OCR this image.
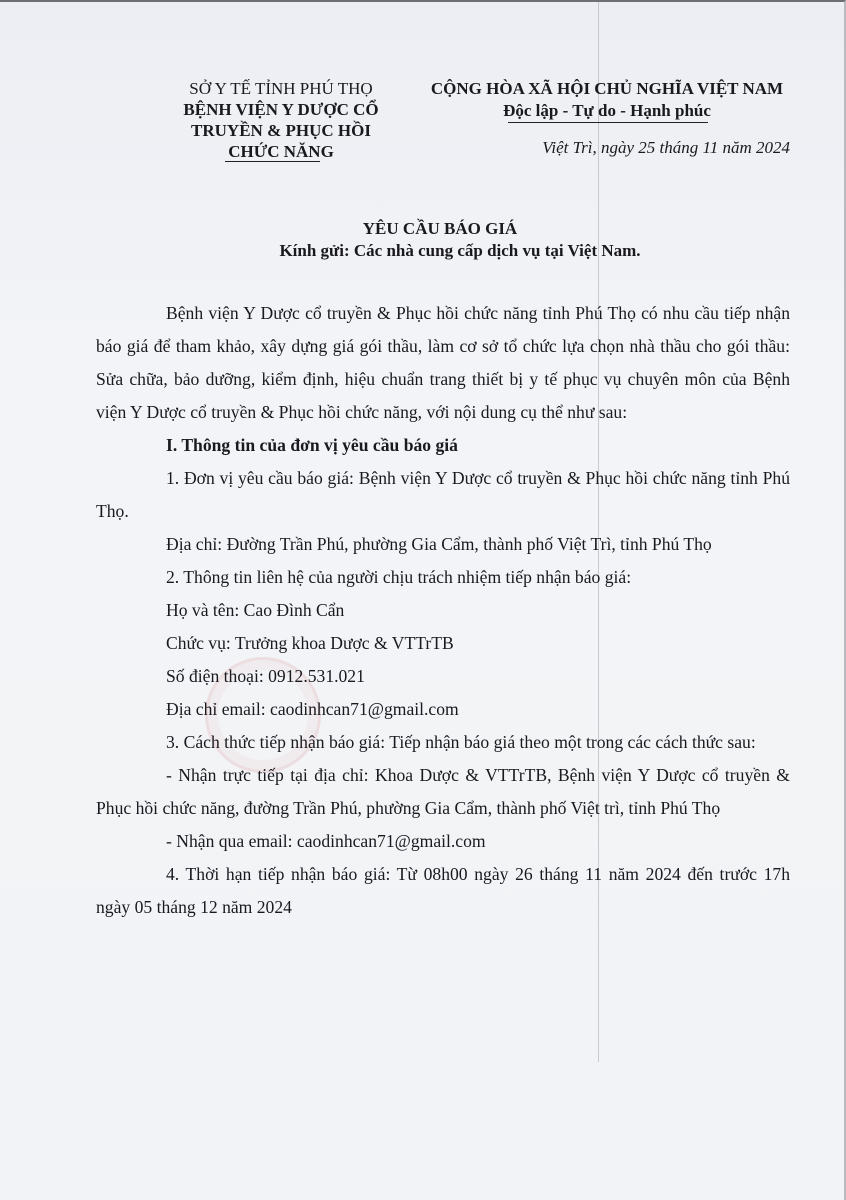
SỞ Y TẾ TỈNH PHÚ THỌ
BỆNH VIỆN Y DƯỢC CỔ
TRUYỀN & PHỤC HỒI
CHỨC NĂNG
CỘNG HÒA XÃ HỘI CHỦ NGHĨA VIỆT NAM
Độc lập - Tự do - Hạnh phúc
Việt Trì, ngày 25 tháng 11 năm 2024
YÊU CẦU BÁO GIÁ
Kính gửi: Các nhà cung cấp dịch vụ tại Việt Nam.

Bệnh viện Y Dược cổ truyền & Phục hồi chức năng tỉnh Phú Thọ có nhu cầu tiếp nhận báo giá để tham khảo, xây dựng giá gói thầu, làm cơ sở tổ chức lựa chọn nhà thầu cho gói thầu: Sửa chữa, bảo dưỡng, kiểm định, hiệu chuẩn trang thiết bị y tế phục vụ chuyên môn của Bệnh viện Y Dược cổ truyền & Phục hồi chức năng, với nội dung cụ thể như sau:

I. Thông tin của đơn vị yêu cầu báo giá

1. Đơn vị yêu cầu báo giá: Bệnh viện Y Dược cổ truyền & Phục hồi chức năng tỉnh Phú Thọ.

Địa chỉ: Đường Trần Phú, phường Gia Cẩm, thành phố Việt Trì, tỉnh Phú Thọ

2. Thông tin liên hệ của người chịu trách nhiệm tiếp nhận báo giá:

Họ và tên: Cao Đình Cẩn

Chức vụ: Trưởng khoa Dược & VTTrTB

Số điện thoại: 0912.531.021

Địa chỉ email: caodinhcan71@gmail.com

3. Cách thức tiếp nhận báo giá: Tiếp nhận báo giá theo một trong các cách thức sau:

- Nhận trực tiếp tại địa chỉ: Khoa Dược & VTTrTB, Bệnh viện Y Dược cổ truyền & Phục hồi chức năng, đường Trần Phú, phường Gia Cẩm, thành phố Việt trì, tỉnh Phú Thọ

- Nhận qua email: caodinhcan71@gmail.com

4. Thời hạn tiếp nhận báo giá: Từ 08h00 ngày 26 tháng 11 năm 2024 đến trước 17h ngày 05 tháng 12 năm 2024
